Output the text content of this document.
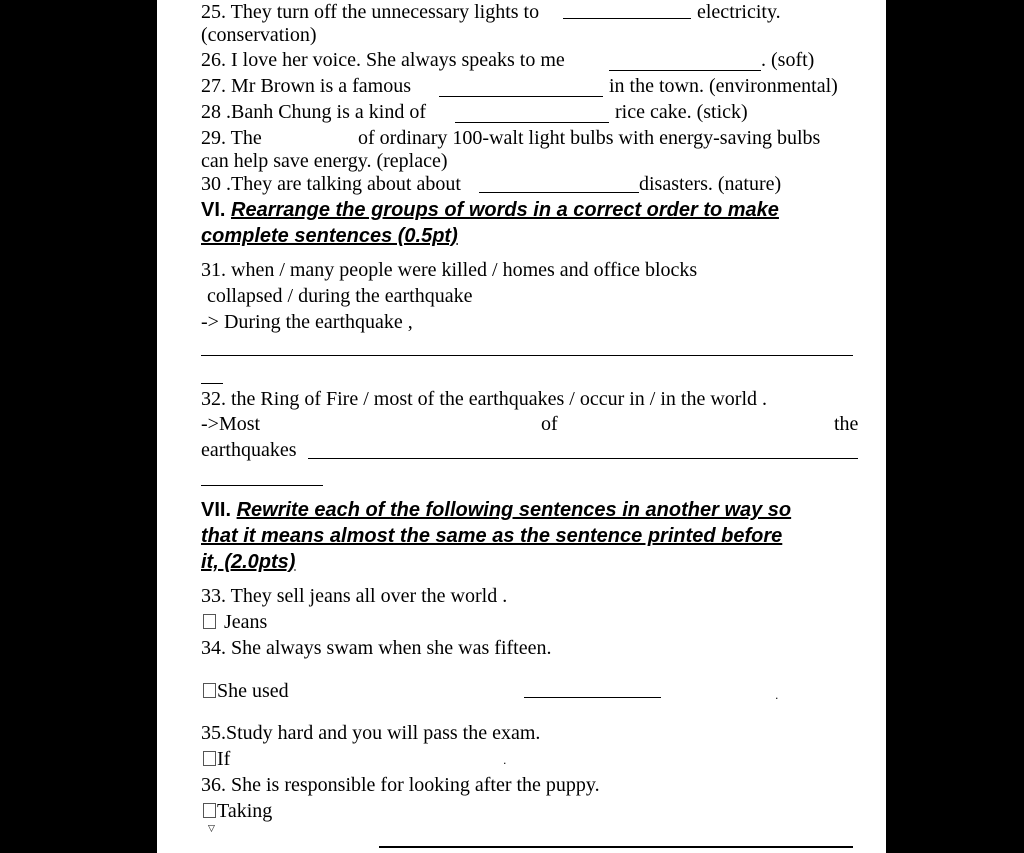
25. They turn off the unnecessary lights to	electricity.
(conservation)
26. I love her voice. She always speaks to me	. (soft)
27. Mr Brown is a famous	in the town. (environmental)
28 .Banh Chung is a kind of	rice cake. (stick)
29. The	of ordinary 100-walt light bulbs with energy-saving bulbs
can help save energy. (replace)
30 .They are talking about about	disasters. (nature)
VI. Rearrange the groups of words in a correct order to make
complete sentences (0.5pt)
31. when / many people were killed / homes and office blocks
collapsed / during the earthquake
-> During the earthquake ,
32. the Ring of Fire / most of the earthquakes / occur in / in the world .
->Most	of	the
earthquakes
VII. Rewrite each of the following sentences in another way so
that it means almost the same as the sentence printed before
it, (2.0pts)
33. They sell jeans all over the world .
Jeans
34. She always swam when she was fifteen.
She used	.
35.Study hard and you will pass the exam.
If	.
36. She is responsible for looking after the puppy.
Taking
▽
